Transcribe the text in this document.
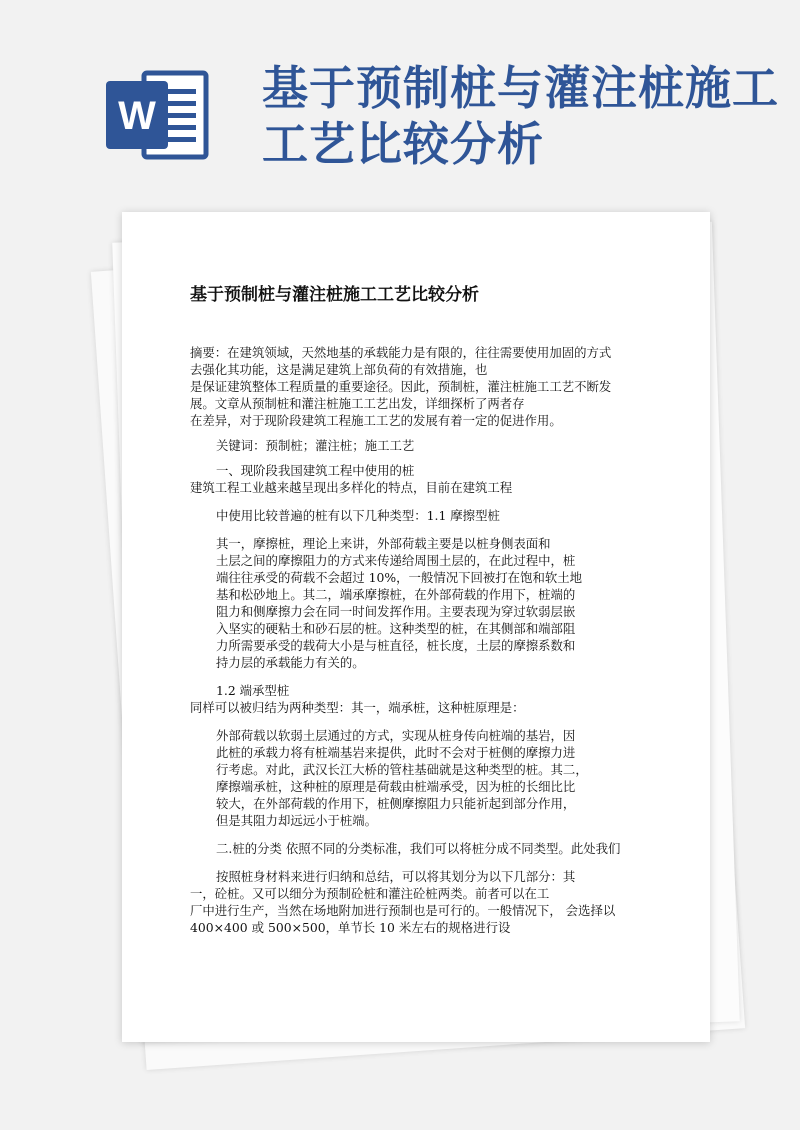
W
基于预制桩与灌注桩施工工艺比较分析
基于预制桩与灌注桩施工工艺比较分析

摘要：在建筑领域，天然地基的承载能力是有限的，往往需要使用加固的方式
去强化其功能，这是满足建筑上部负荷的有效措施，也
是保证建筑整体工程质量的重要途径。因此，预制桩，灌注桩施工工艺不断发
展。文章从预制桩和灌注桩施工工艺出发，详细探析了两者存
在差异，对于现阶段建筑工程施工工艺的发展有着一定的促进作用。

关键词：预制桩；灌注桩；施工工艺

一、现阶段我国建筑工程中使用的桩

建筑工程工业越来越呈现出多样化的特点，目前在建筑工程

中使用比较普遍的桩有以下几种类型：1.1 摩擦型桩

其一，摩擦桩，理论上来讲，外部荷载主要是以桩身侧表面和
土层之间的摩擦阻力的方式来传递给周围土层的，在此过程中，桩
端往往承受的荷载不会超过 10%，一般情况下回被打在饱和软土地
基和松砂地上。其二，端承摩擦桩，在外部荷载的作用下，桩端的
阻力和侧摩擦力会在同一时间发挥作用。主要表现为穿过软弱层嵌
入坚实的硬粘土和砂石层的桩。这种类型的桩，在其侧部和端部阻
力所需要承受的载荷大小是与桩直径，桩长度，土层的摩擦系数和
持力层的承载能力有关的。

1.2 端承型桩

同样可以被归结为两种类型：其一，端承桩，这种桩原理是：

外部荷载以软弱土层通过的方式，实现从桩身传向桩端的基岩，因
此桩的承载力将有桩端基岩来提供，此时不会对于桩侧的摩擦力进
行考虑。对此，武汉长江大桥的管柱基础就是这种类型的桩。其二，
摩擦端承桩，这种桩的原理是荷载由桩端承受，因为桩的长细比比
较大，在外部荷载的作用下，桩侧摩擦阻力只能祈起到部分作用，
但是其阻力却远远小于桩端。

二.桩的分类 依照不同的分类标准，我们可以将桩分成不同类型。此处我们

按照桩身材料来进行归纳和总结，可以将其划分为以下几部分：其

一，砼桩。又可以细分为预制砼桩和灌注砼桩两类。前者可以在工
厂中进行生产，当然在场地附加进行预制也是可行的。一般情况下， 会选择以
400×400 或 500×500，单节长 10 米左右的规格进行设
